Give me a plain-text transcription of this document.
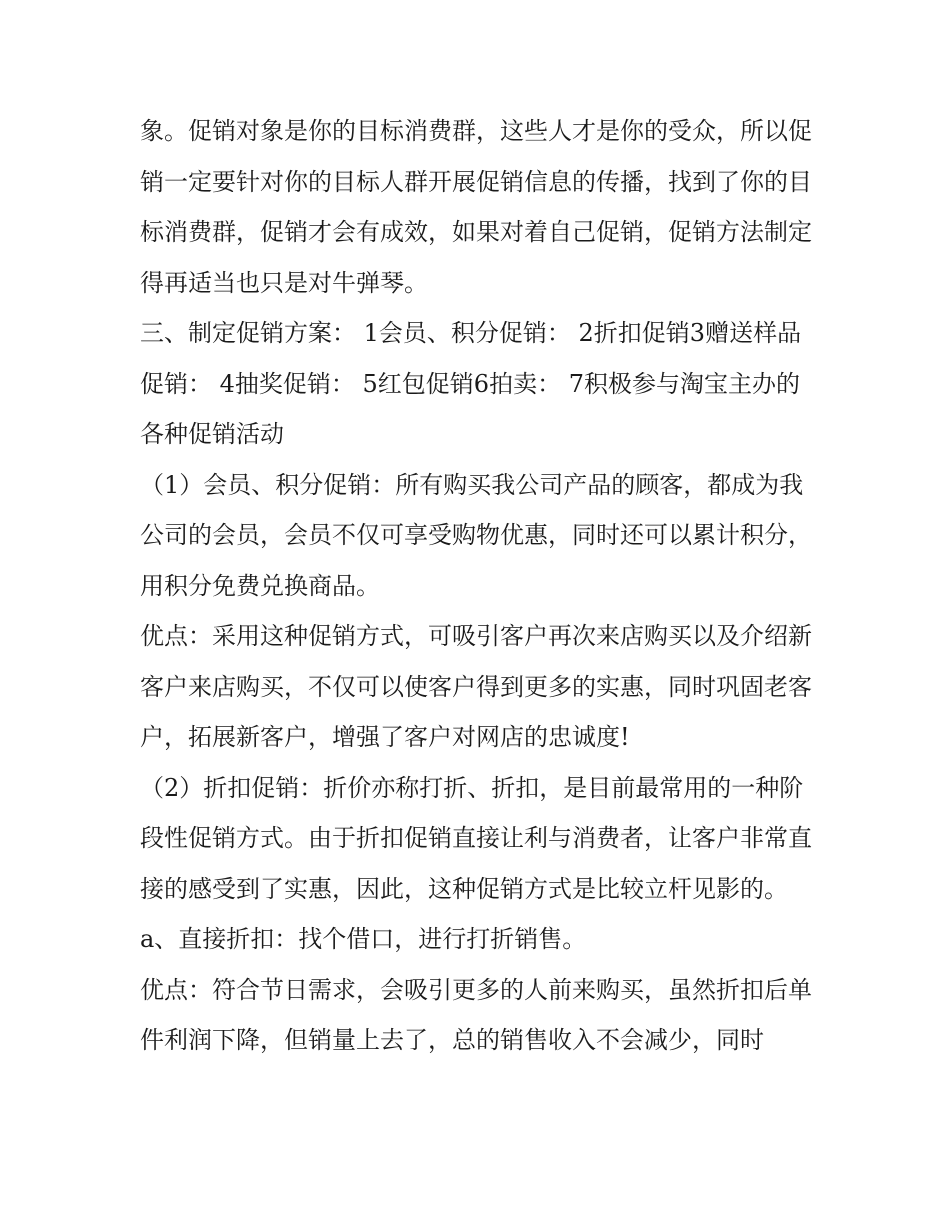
象。促销对象是你的目标消费群，这些人才是你的受众，所以促销一定要针对你的目标人群开展促销信息的传播，找到了你的目标消费群，促销才会有成效，如果对着自己促销，促销方法制定得再适当也只是对牛弹琴。

三、制定促销方案： 1会员、积分促销： 2折扣促销3赠送样品促销： 4抽奖促销： 5红包促销6拍卖： 7积极参与淘宝主办的各种促销活动

（1）会员、积分促销：所有购买我公司产品的顾客，都成为我公司的会员，会员不仅可享受购物优惠，同时还可以累计积分，用积分免费兑换商品。

优点：采用这种促销方式，可吸引客户再次来店购买以及介绍新客户来店购买，不仅可以使客户得到更多的实惠，同时巩固老客户，拓展新客户，增强了客户对网店的忠诚度!

（2）折扣促销：折价亦称打折、折扣，是目前最常用的一种阶段性促销方式。由于折扣促销直接让利与消费者，让客户非常直接的感受到了实惠，因此，这种促销方式是比较立杆见影的。

a、直接折扣：找个借口，进行打折销售。

优点：符合节日需求，会吸引更多的人前来购买，虽然折扣后单件利润下降，但销量上去了，总的销售收入不会减少，同时
